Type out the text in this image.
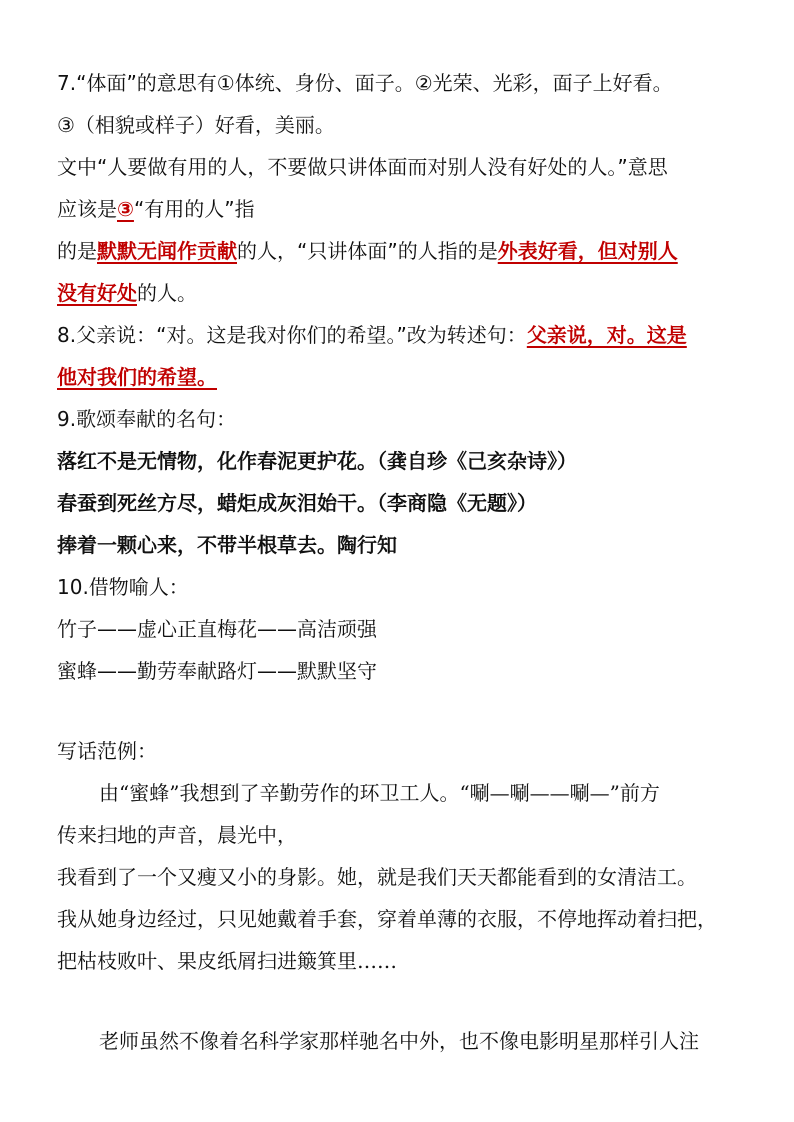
7.“体面”的意思有①体统、身份、面子。②光荣、光彩，面子上好看。
③（相貌或样子）好看，美丽。
文中“人要做有用的人，不要做只讲体面而对别人没有好处的人。”意思
应该是③“有用的人”指
的是默默无闻作贡献的人，“只讲体面”的人指的是外表好看，但对别人
没有好处的人。
8.父亲说：“对。这是我对你们的希望。”改为转述句：父亲说，对。这是
他对我们的希望。
9.歌颂奉献的名句：
落红不是无情物，化作春泥更护花。（龚自珍《己亥杂诗》）
春蚕到死丝方尽，蜡炬成灰泪始干。（李商隐《无题》）
捧着一颗心来，不带半根草去。陶行知
10.借物喻人：
竹子——虚心正直梅花——高洁顽强
蜜蜂——勤劳奉献路灯——默默坚守
写话范例：
由“蜜蜂”我想到了辛勤劳作的环卫工人。“唰—唰——唰—”前方
传来扫地的声音，晨光中，
我看到了一个又瘦又小的身影。她，就是我们天天都能看到的女清洁工。
我从她身边经过，只见她戴着手套，穿着单薄的衣服，不停地挥动着扫把，
把枯枝败叶、果皮纸屑扫进簸箕里……
老师虽然不像着名科学家那样驰名中外，也不像电影明星那样引人注
